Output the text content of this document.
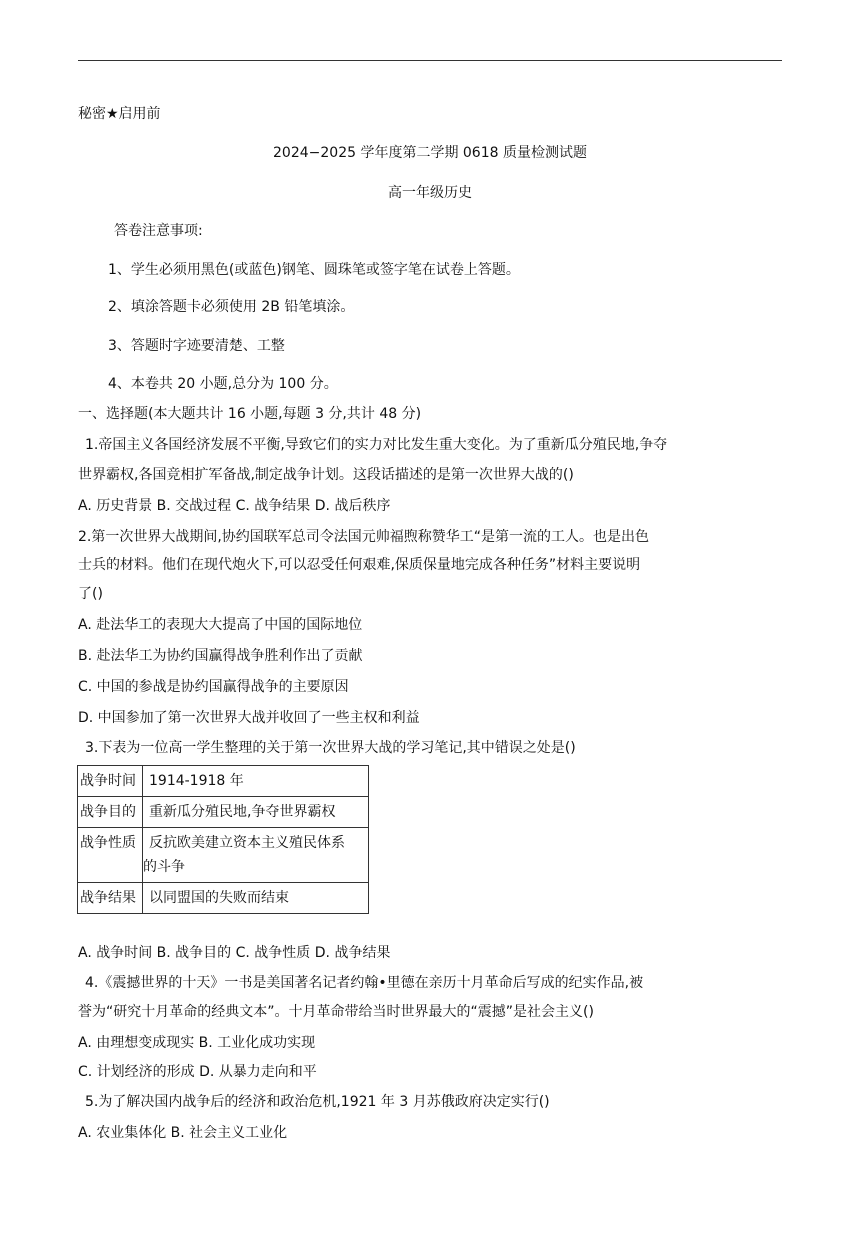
秘密★启用前
2024−2025 学年度第二学期 0618 质量检测试题
高一年级历史
答卷注意事项:
1、学生必须用黑色(或蓝色)钢笔、圆珠笔或签字笔在试卷上答题。
2、填涂答题卡必须使用 2B 铅笔填涂。
3、答题时字迹要清楚、工整
4、本卷共 20 小题,总分为 100 分。
一、选择题(本大题共计 16 小题,每题 3 分,共计 48 分)
1.帝国主义各国经济发展不平衡,导致它们的实力对比发生重大变化。为了重新瓜分殖民地,争夺
世界霸权,各国竞相扩军备战,制定战争计划。这段话描述的是第一次世界大战的()
A. 历史背景 B. 交战过程 C. 战争结果 D. 战后秩序
2.第一次世界大战期间,协约国联军总司令法国元帅福煦称赞华工“是第一流的工人。也是出色
士兵的材料。他们在现代炮火下,可以忍受任何艰难,保质保量地完成各种任务”材料主要说明
了()
A. 赴法华工的表现大大提高了中国的国际地位
B. 赴法华工为协约国赢得战争胜利作出了贡献
C. 中国的参战是协约国赢得战争的主要原因
D. 中国参加了第一次世界大战并收回了一些主权和利益
3.下表为一位高一学生整理的关于第一次世界大战的学习笔记,其中错误之处是()
战争时间	1914-1918 年
战争目的	重新瓜分殖民地,争夺世界霸权
战争性质	反抗欧美建立资本主义殖民体系
的斗争

战争结果	以同盟国的失败而结束
A. 战争时间 B. 战争目的 C. 战争性质 D. 战争结果
4.《震撼世界的十天》一书是美国著名记者约翰•里德在亲历十月革命后写成的纪实作品,被
誉为“研究十月革命的经典文本”。十月革命带给当时世界最大的“震撼”是社会主义()
A. 由理想变成现实 B. 工业化成功实现
C. 计划经济的形成 D. 从暴力走向和平
5.为了解决国内战争后的经济和政治危机,1921 年 3 月苏俄政府决定实行()
A. 农业集体化 B. 社会主义工业化
